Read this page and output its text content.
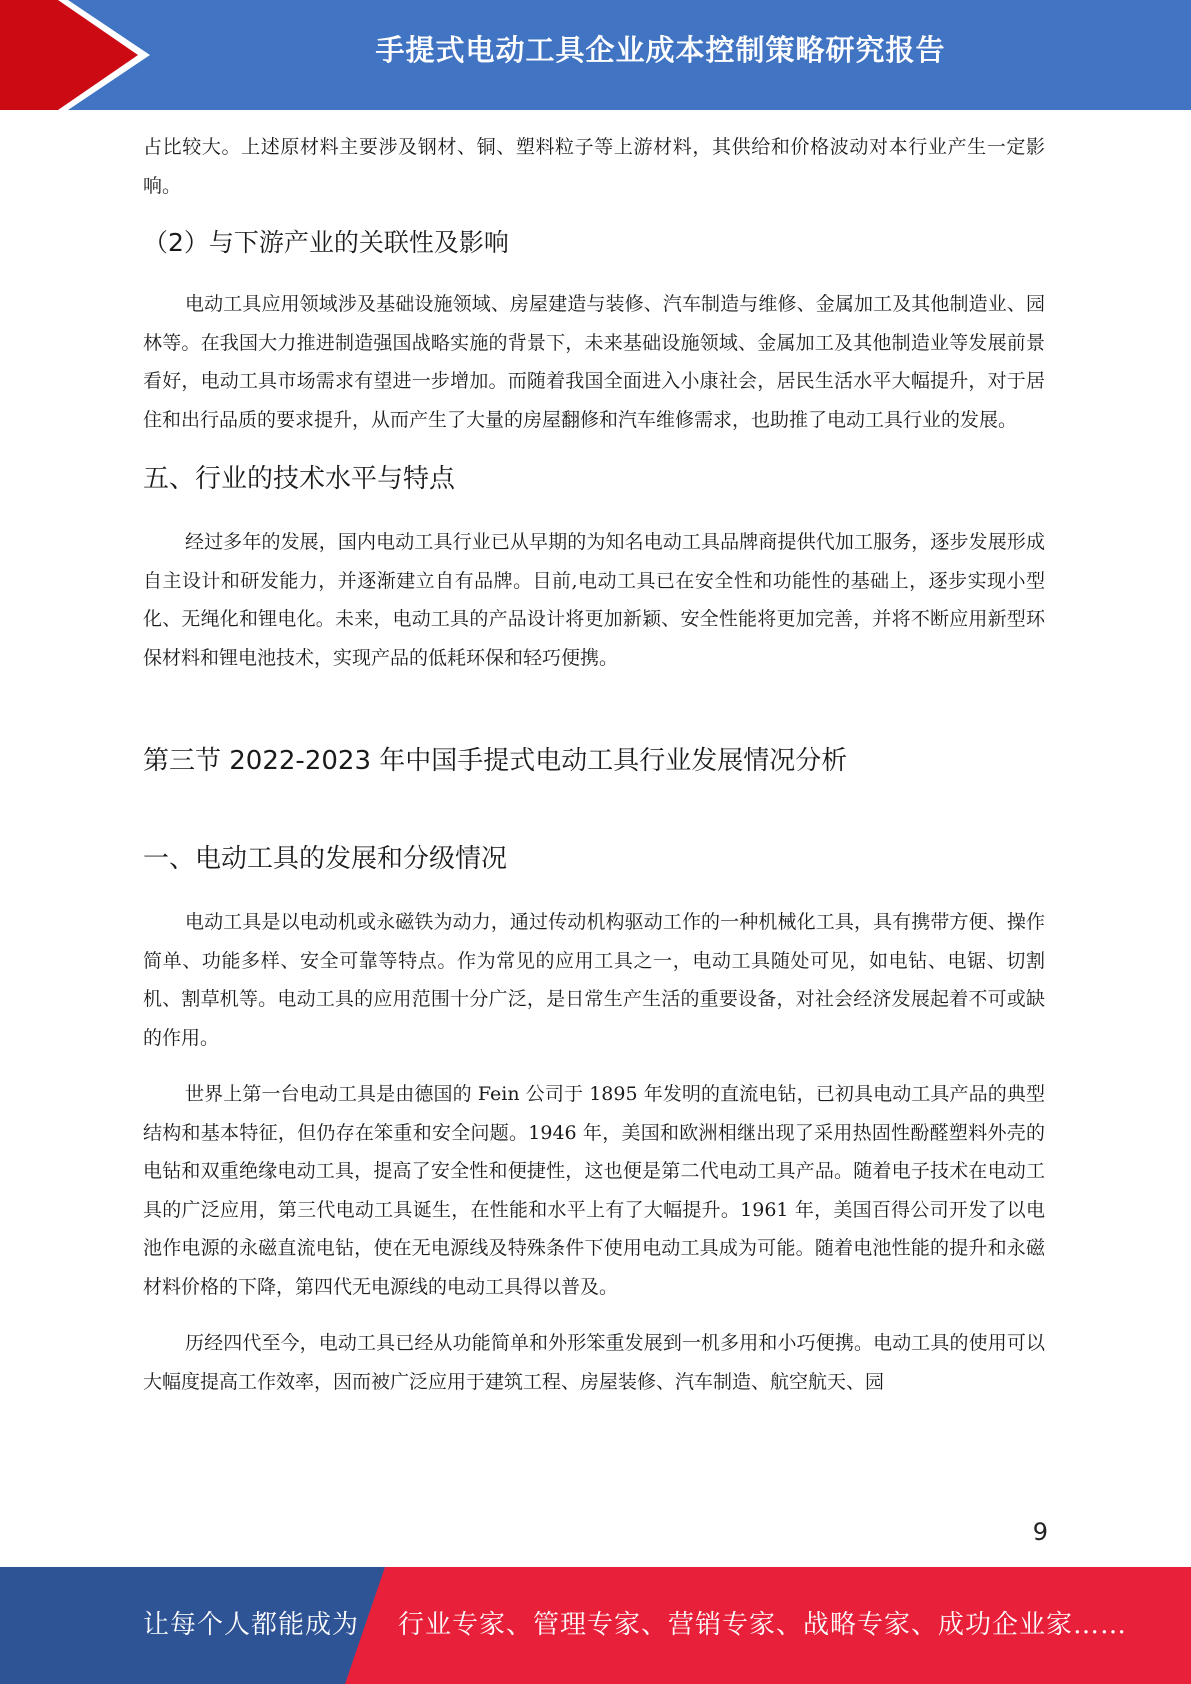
手提式电动工具企业成本控制策略研究报告

占比较大。上述原材料主要涉及钢材、铜、塑料粒子等上游材料，其供给和价格波动对本行业产生一定影响。

（2）与下游产业的关联性及影响

电动工具应用领域涉及基础设施领域、房屋建造与装修、汽车制造与维修、金属加工及其他制造业、园林等。在我国大力推进制造强国战略实施的背景下，未来基础设施领域、金属加工及其他制造业等发展前景看好，电动工具市场需求有望进一步增加。而随着我国全面进入小康社会，居民生活水平大幅提升，对于居住和出行品质的要求提升，从而产生了大量的房屋翻修和汽车维修需求，也助推了电动工具行业的发展。

五、行业的技术水平与特点

经过多年的发展，国内电动工具行业已从早期的为知名电动工具品牌商提供代加工服务，逐步发展形成自主设计和研发能力，并逐渐建立自有品牌。目前,电动工具已在安全性和功能性的基础上，逐步实现小型化、无绳化和锂电化。未来，电动工具的产品设计将更加新颖、安全性能将更加完善，并将不断应用新型环保材料和锂电池技术，实现产品的低耗环保和轻巧便携。

第三节 2022-2023 年中国手提式电动工具行业发展情况分析
一、电动工具的发展和分级情况

电动工具是以电动机或永磁铁为动力，通过传动机构驱动工作的一种机械化工具，具有携带方便、操作简单、功能多样、安全可靠等特点。作为常见的应用工具之一，电动工具随处可见，如电钻、电锯、切割机、割草机等。电动工具的应用范围十分广泛，是日常生产生活的重要设备，对社会经济发展起着不可或缺的作用。

世界上第一台电动工具是由德国的 Fein 公司于 1895 年发明的直流电钻，已初具电动工具产品的典型结构和基本特征，但仍存在笨重和安全问题。1946 年，美国和欧洲相继出现了采用热固性酚醛塑料外壳的电钻和双重绝缘电动工具，提高了安全性和便捷性，这也便是第二代电动工具产品。随着电子技术在电动工具的广泛应用，第三代电动工具诞生，在性能和水平上有了大幅提升。1961 年，美国百得公司开发了以电池作电源的永磁直流电钻，使在无电源线及特殊条件下使用电动工具成为可能。随着电池性能的提升和永磁材料价格的下降，第四代无电源线的电动工具得以普及。

历经四代至今，电动工具已经从功能简单和外形笨重发展到一机多用和小巧便携。电动工具的使用可以大幅度提高工作效率，因而被广泛应用于建筑工程、房屋装修、汽车制造、航空航天、园

9
让每个人都能成为 行业专家、管理专家、营销专家、战略专家、成功企业家……
